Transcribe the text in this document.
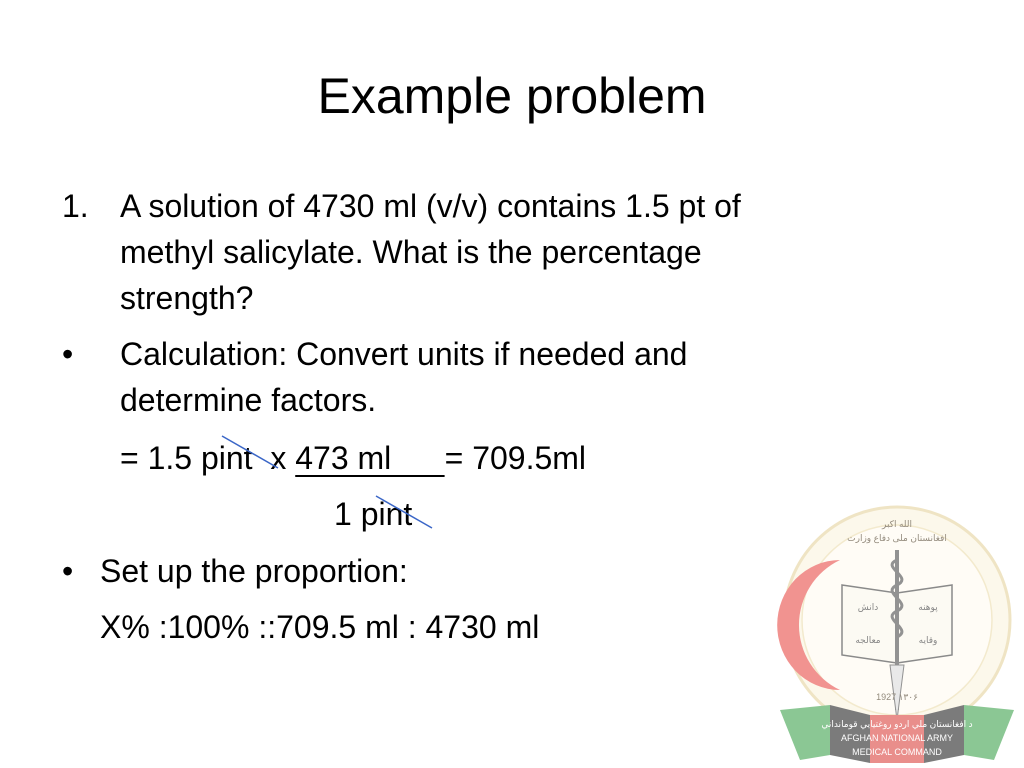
Example problem
1. A solution of 4730 ml (v/v) contains 1.5 pt of
methyl salicylate. What is the percentage
strength?
• Calculation: Convert units if needed and
determine factors.
= 1.5 pint  x 473 ml      = 709.5ml
1 pint
• Set up the proportion:
X% :100% ::709.5 ml : 4730 ml
الله اکبر
افغانستان ملی دفاع وزارت
دانش	پوهنه
معالجه	وقایه
1927 ۱۳۰۶
د افغانستان ملي اردو روغتیايي قومانداني
AFGHAN NATIONAL ARMY
MEDICAL COMMAND
